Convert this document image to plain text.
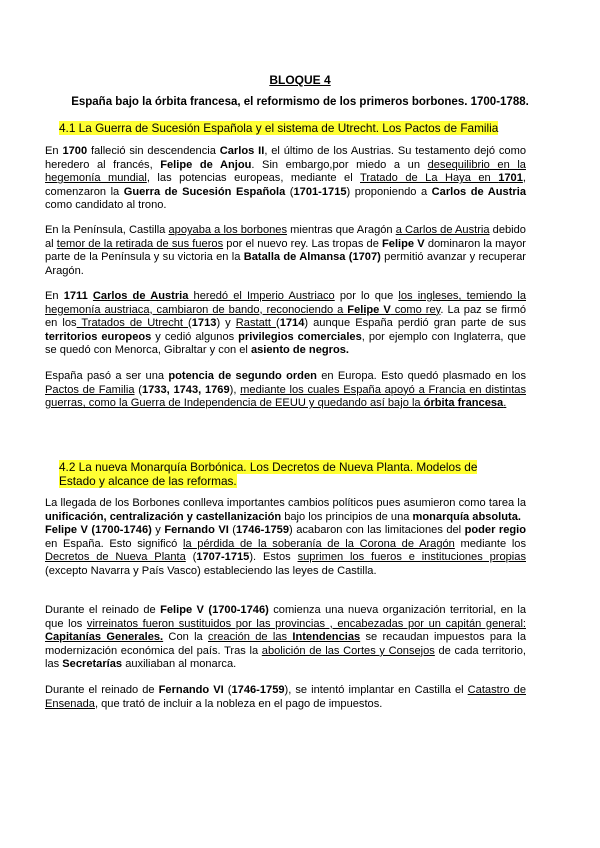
BLOQUE 4
España bajo la órbita francesa, el reformismo de los primeros borbones. 1700-1788.
4.1 La Guerra de Sucesión Española y el sistema de Utrecht. Los Pactos de Familia
En 1700 falleció sin descendencia Carlos II, el último de los Austrias. Su testamento dejó como heredero al francés, Felipe de Anjou. Sin embargo,por miedo a un desequilibrio en la hegemonía mundial, las potencias europeas, mediante el Tratado de La Haya en 1701, comenzaron la Guerra de Sucesión Española (1701-1715) proponiendo a Carlos de Austria como candidato al trono.
En la Península, Castilla apoyaba a los borbones mientras que Aragón a Carlos de Austria debido al temor de la retirada de sus fueros por el nuevo rey. Las tropas de Felipe V dominaron la mayor parte de la Península y su victoria en la Batalla de Almansa (1707) permitió avanzar y recuperar Aragón.
En 1711 Carlos de Austria heredó el Imperio Austriaco por lo que los ingleses, temiendo la hegemonía austriaca, cambiaron de bando, reconociendo a Felipe V como rey. La paz se firmó en los Tratados de Utrecht (1713) y Rastatt (1714) aunque España perdió gran parte de sus territorios europeos y cedió algunos privilegios comerciales, por ejemplo con Inglaterra, que se quedó con Menorca, Gibraltar y con el asiento de negros.
España pasó a ser una potencia de segundo orden en Europa. Esto quedó plasmado en los Pactos de Familia (1733, 1743, 1769), mediante los cuales España apoyó a Francia en distintas guerras, como la Guerra de Independencia de EEUU y quedando así bajo la órbita francesa.
4.2 La nueva Monarquía Borbónica. Los Decretos de Nueva Planta. Modelos de Estado y alcance de las reformas.
La llegada de los Borbones conlleva importantes cambios políticos pues asumieron como tarea la unificación, centralización y castellanización bajo los principios de una monarquía absoluta.
Felipe V (1700-1746) y Fernando VI (1746-1759) acabaron con las limitaciones del poder regio en España. Esto significó la pérdida de la soberanía de la Corona de Aragón mediante los Decretos de Nueva Planta (1707-1715). Estos suprimen los fueros e instituciones propias (excepto Navarra y País Vasco) estableciendo las leyes de Castilla.
Durante el reinado de Felipe V (1700-1746) comienza una nueva organización territorial, en la que los virreinatos fueron sustituidos por las provincias , encabezadas por un capitán general: Capitanías Generales. Con la creación de las Intendencias se recaudan impuestos para la modernización económica del país. Tras la abolición de las Cortes y Consejos de cada territorio, las Secretarías auxiliaban al monarca.
Durante el reinado de Fernando VI (1746-1759), se intentó implantar en Castilla el Catastro de Ensenada, que trató de incluir a la nobleza en el pago de impuestos.
